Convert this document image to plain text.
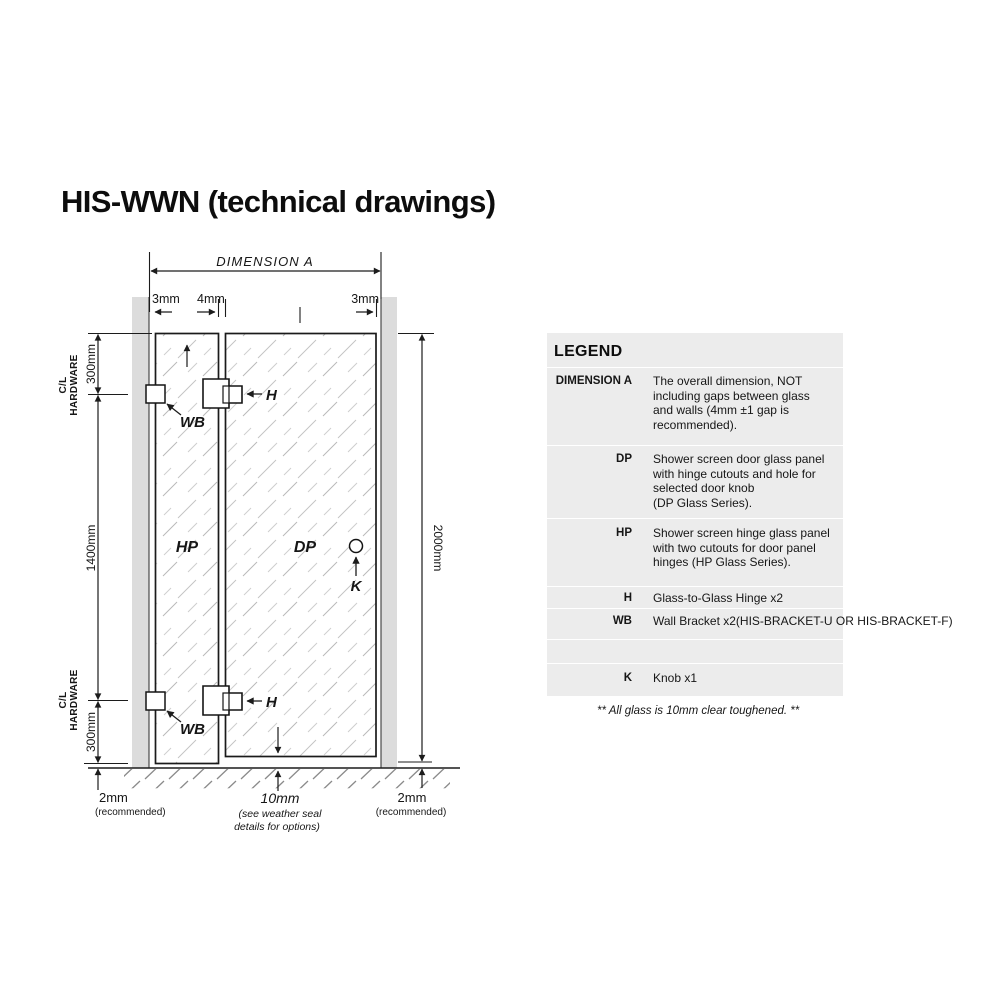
HIS-WWN (technical drawings)
HP	DP
DIMENSION A
3mm 4mm	3mm
300mm
C/L HARDWARE
1400mm
C/L HARDWARE
300mm
2mm
(recommended)
2000mm
2mm
(recommended)
10mm
(see weather seal
details for options)
H
H
WB
WB
K
LEGEND
DIMENSION A The overall dimension, NOT
including gaps between glass
and walls (4mm ±1 gap is
recommended).
DP Shower screen door glass panel
with hinge cutouts and hole for
selected door knob
(DP Glass Series).
HP Shower screen hinge glass panel
with two cutouts for door panel
hinges (HP Glass Series).
H Glass-to-Glass Hinge x2
WB Wall Bracket x2(HIS-BRACKET-U OR HIS-BRACKET-F)
K Knob x1
** All glass is 10mm clear toughened. **
